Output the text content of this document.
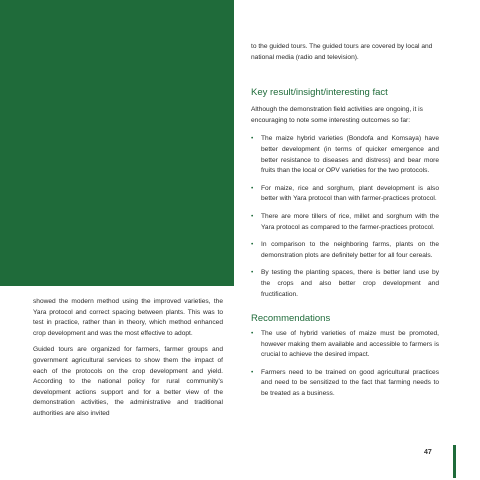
showed the modern method using the improved varieties, the Yara protocol and correct spacing between plants. This was to test in practice, rather than in theory, which method enhanced crop development and was the most effective to adopt.

Guided tours are organized for farmers, farmer groups and government agricultural services to show them the impact of each of the protocols on the crop development and yield. According to the national policy for rural community’s development actions support and for a better view of the demonstration activities, the administrative and traditional authorities are also invited

to the guided tours. The guided tours are covered by local and national media (radio and television).

Key result/insight/interesting fact

Although the demonstration field activities are ongoing, it is encouraging to note some interesting outcomes so far:

• The maize hybrid varieties (Bondofa and Komsaya) have better development (in terms of quicker emergence and better resistance to diseases and distress) and bear more fruits than the local or OPV varieties for the two protocols.
• For maize, rice and sorghum, plant development is also better with Yara protocol than with farmer-practices protocol.
• There are more tillers of rice, millet and sorghum with the Yara protocol as compared to the farmer-practices protocol.
• In comparison to the neighboring farms, plants on the demonstration plots are definitely better for all four cereals.
• By testing the planting spaces, there is better land use by the crops and also better crop development and fructification.
Recommendations
• The use of hybrid varieties of maize must be promoted, however making them available and accessible to farmers is crucial to achieve the desired impact.
• Farmers need to be trained on good agricultural practices and need to be sensitized to the fact that farming needs to be treated as a business.
47
